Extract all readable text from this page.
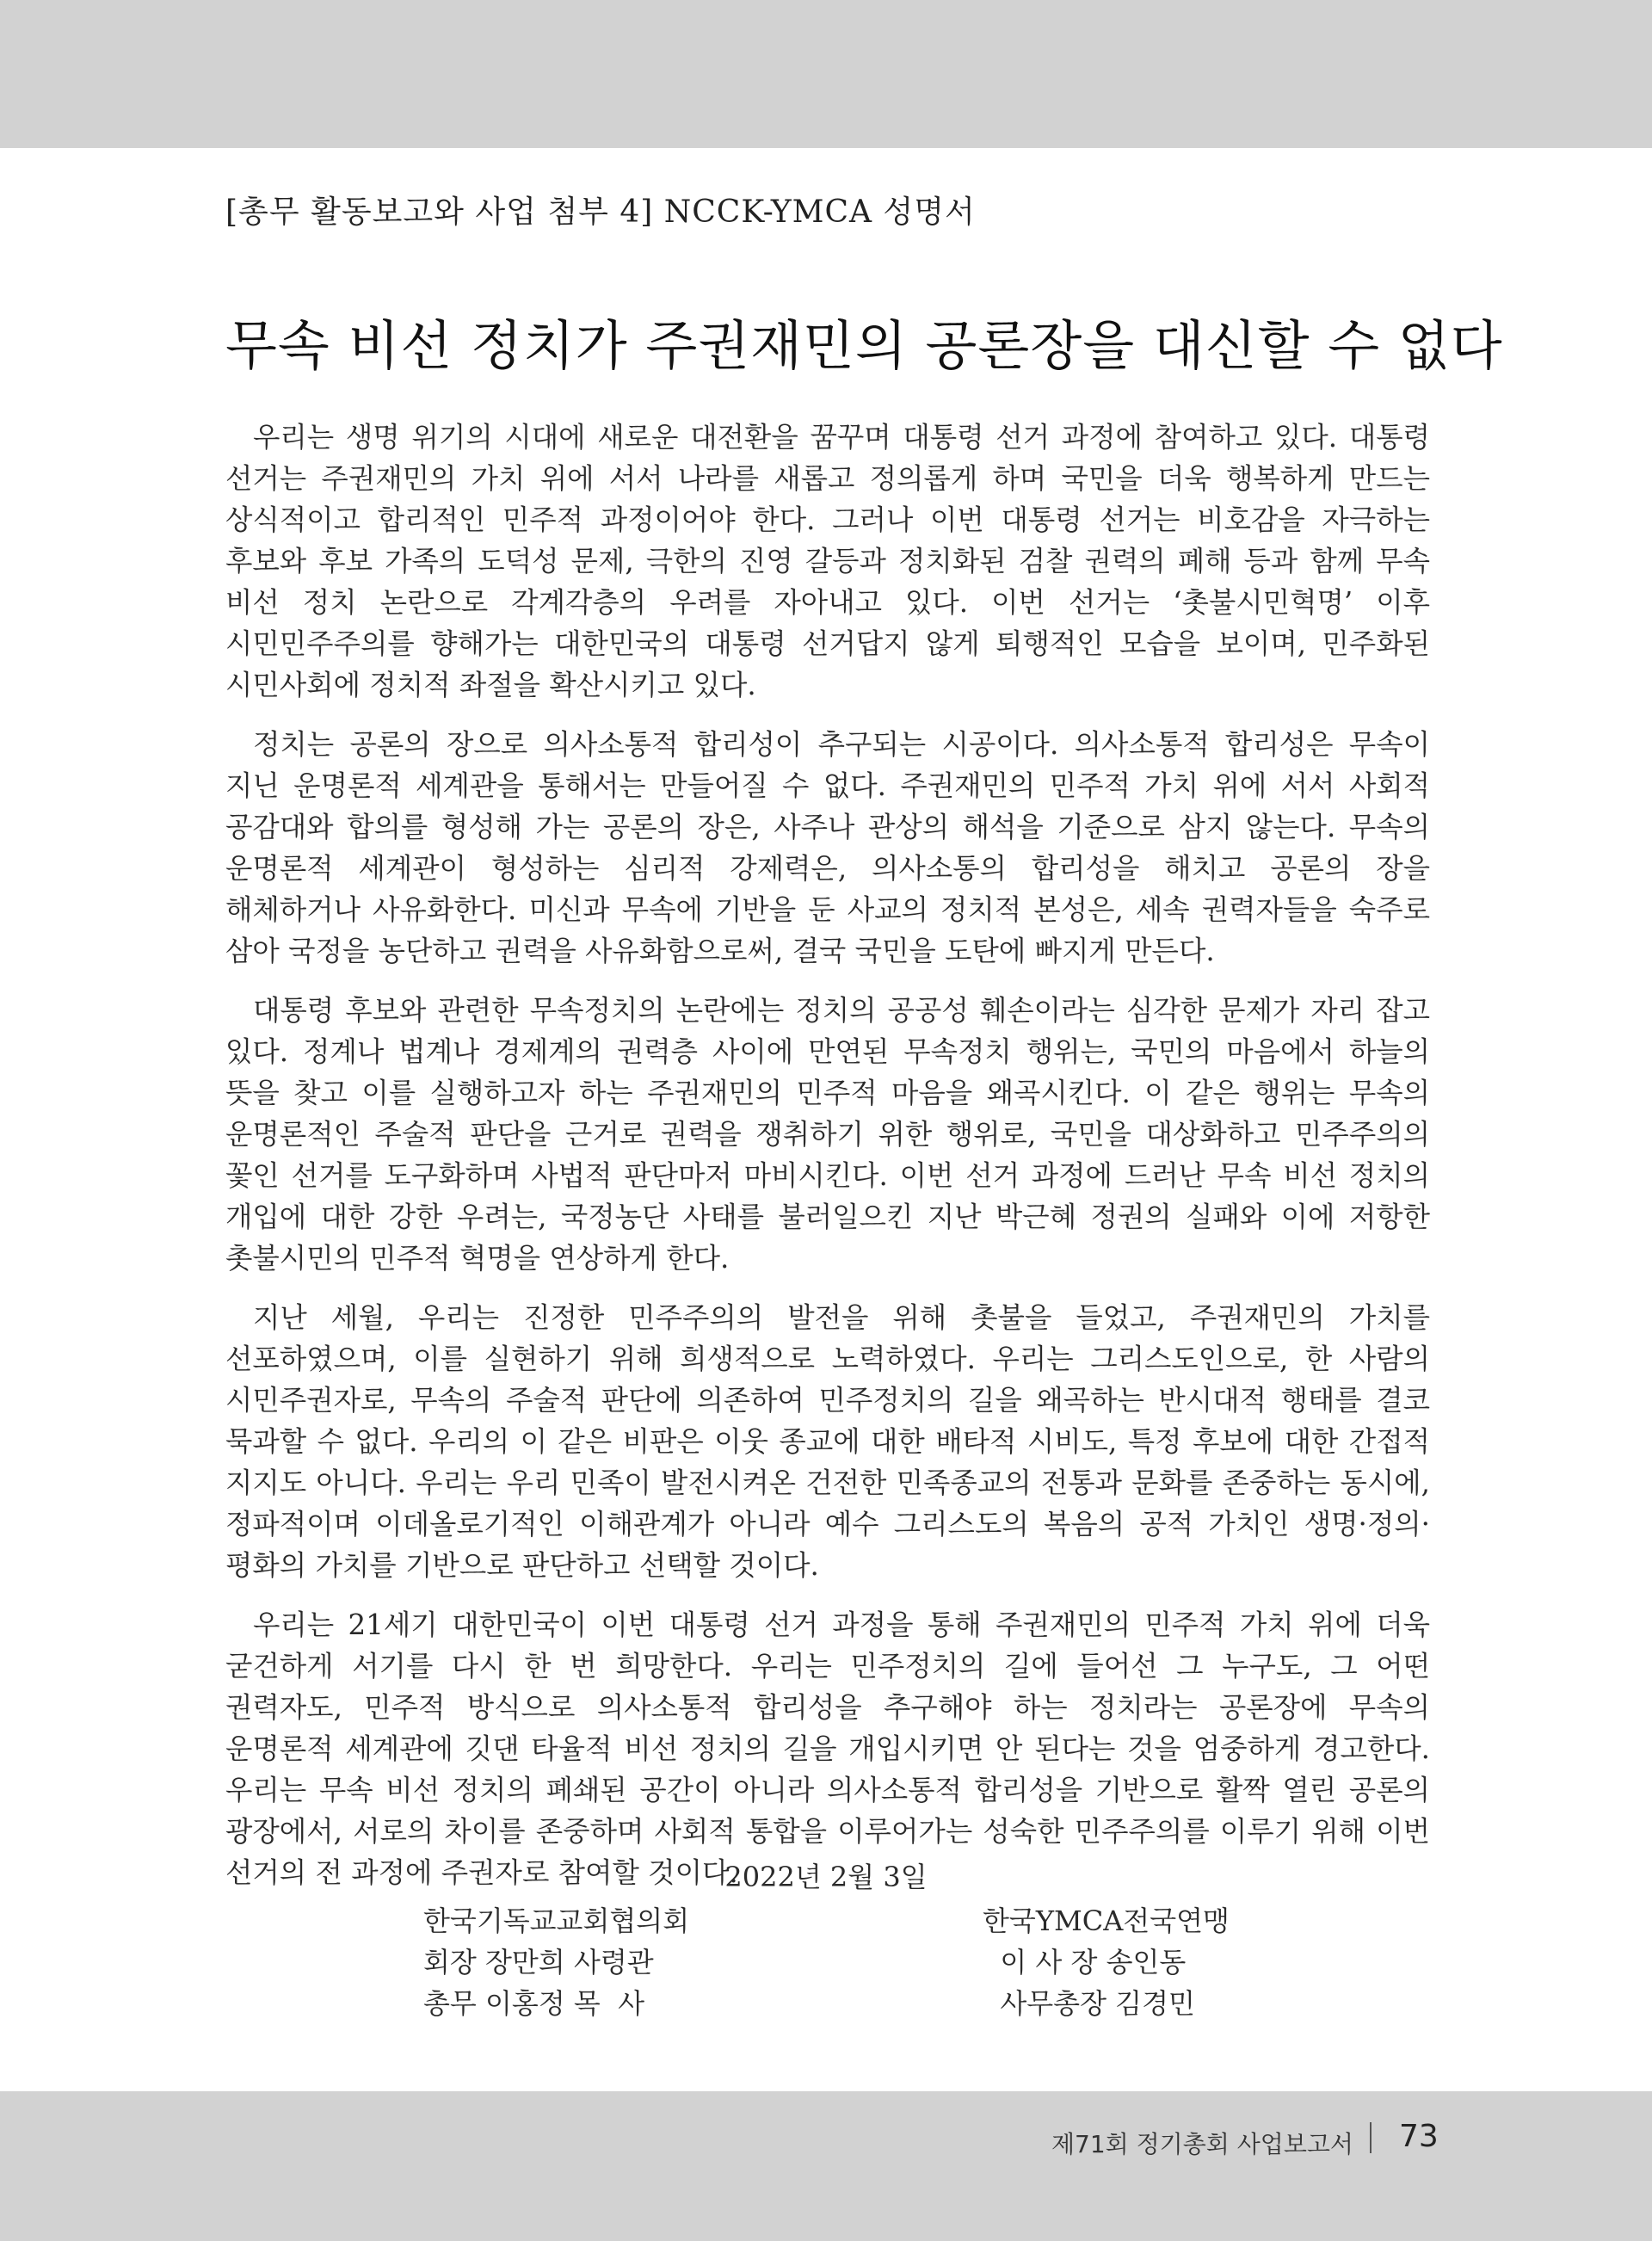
[총무 활동보고와 사업 첨부 4] NCCK-YMCA 성명서
무속 비선 정치가 주권재민의 공론장을 대신할 수 없다

우리는 생명 위기의 시대에 새로운 대전환을 꿈꾸며 대통령 선거 과정에 참여하고 있다. 대통령 선거는 주권재민의 가치 위에 서서 나라를 새롭고 정의롭게 하며 국민을 더욱 행복하게 만드는 상식적이고 합리적인 민주적 과정이어야 한다. 그러나 이번 대통령 선거는 비호감을 자극하는 후보와 후보 가족의 도덕성 문제, 극한의 진영 갈등과 정치화된 검찰 권력의 폐해 등과 함께 무속 비선 정치 논란으로 각계각층의 우려를 자아내고 있다. 이번 선거는 ‘촛불시민혁명’ 이후 시민민주주의를 향해가는 대한민국의 대통령 선거답지 않게 퇴행적인 모습을 보이며, 민주화된 시민사회에 정치적 좌절을 확산시키고 있다.

정치는 공론의 장으로 의사소통적 합리성이 추구되는 시공이다. 의사소통적 합리성은 무속이 지닌 운명론적 세계관을 통해서는 만들어질 수 없다. 주권재민의 민주적 가치 위에 서서 사회적 공감대와 합의를 형성해 가는 공론의 장은, 사주나 관상의 해석을 기준으로 삼지 않는다. 무속의 운명론적 세계관이 형성하는 심리적 강제력은, 의사소통의 합리성을 해치고 공론의 장을 해체하거나 사유화한다. 미신과 무속에 기반을 둔 사교의 정치적 본성은, 세속 권력자들을 숙주로 삼아 국정을 농단하고 권력을 사유화함으로써, 결국 국민을 도탄에 빠지게 만든다.

대통령 후보와 관련한 무속정치의 논란에는 정치의 공공성 훼손이라는 심각한 문제가 자리 잡고 있다. 정계나 법계나 경제계의 권력층 사이에 만연된 무속정치 행위는, 국민의 마음에서 하늘의 뜻을 찾고 이를 실행하고자 하는 주권재민의 민주적 마음을 왜곡시킨다. 이 같은 행위는 무속의 운명론적인 주술적 판단을 근거로 권력을 쟁취하기 위한 행위로, 국민을 대상화하고 민주주의의 꽃인 선거를 도구화하며 사법적 판단마저 마비시킨다. 이번 선거 과정에 드러난 무속 비선 정치의 개입에 대한 강한 우려는, 국정농단 사태를 불러일으킨 지난 박근혜 정권의 실패와 이에 저항한 촛불시민의 민주적 혁명을 연상하게 한다.

지난 세월, 우리는 진정한 민주주의의 발전을 위해 촛불을 들었고, 주권재민의 가치를 선포하였으며, 이를 실현하기 위해 희생적으로 노력하였다. 우리는 그리스도인으로, 한 사람의 시민주권자로, 무속의 주술적 판단에 의존하여 민주정치의 길을 왜곡하는 반시대적 행태를 결코 묵과할 수 없다. 우리의 이 같은 비판은 이웃 종교에 대한 배타적 시비도, 특정 후보에 대한 간접적 지지도 아니다. 우리는 우리 민족이 발전시켜온 건전한 민족종교의 전통과 문화를 존중하는 동시에, 정파적이며 이데올로기적인 이해관계가 아니라 예수 그리스도의 복음의 공적 가치인 생명·정의·평화의 가치를 기반으로 판단하고 선택할 것이다.

우리는 21세기 대한민국이 이번 대통령 선거 과정을 통해 주권재민의 민주적 가치 위에 더욱 굳건하게 서기를 다시 한 번 희망한다. 우리는 민주정치의 길에 들어선 그 누구도, 그 어떤 권력자도, 민주적 방식으로 의사소통적 합리성을 추구해야 하는 정치라는 공론장에 무속의 운명론적 세계관에 깃댄 타율적 비선 정치의 길을 개입시키면 안 된다는 것을 엄중하게 경고한다. 우리는 무속 비선 정치의 폐쇄된 공간이 아니라 의사소통적 합리성을 기반으로 활짝 열린 공론의 광장에서, 서로의 차이를 존중하며 사회적 통합을 이루어가는 성숙한 민주주의를 이루기 위해 이번 선거의 전 과정에 주권자로 참여할 것이다.

2022년 2월 3일
한국기독교교회협의회
회장 장만희 사령관
총무 이홍정 목  사
한국YMCA전국연맹
이 사 장 송인동
사무총장 김경민
제71회 정기총회 사업보고서 73
